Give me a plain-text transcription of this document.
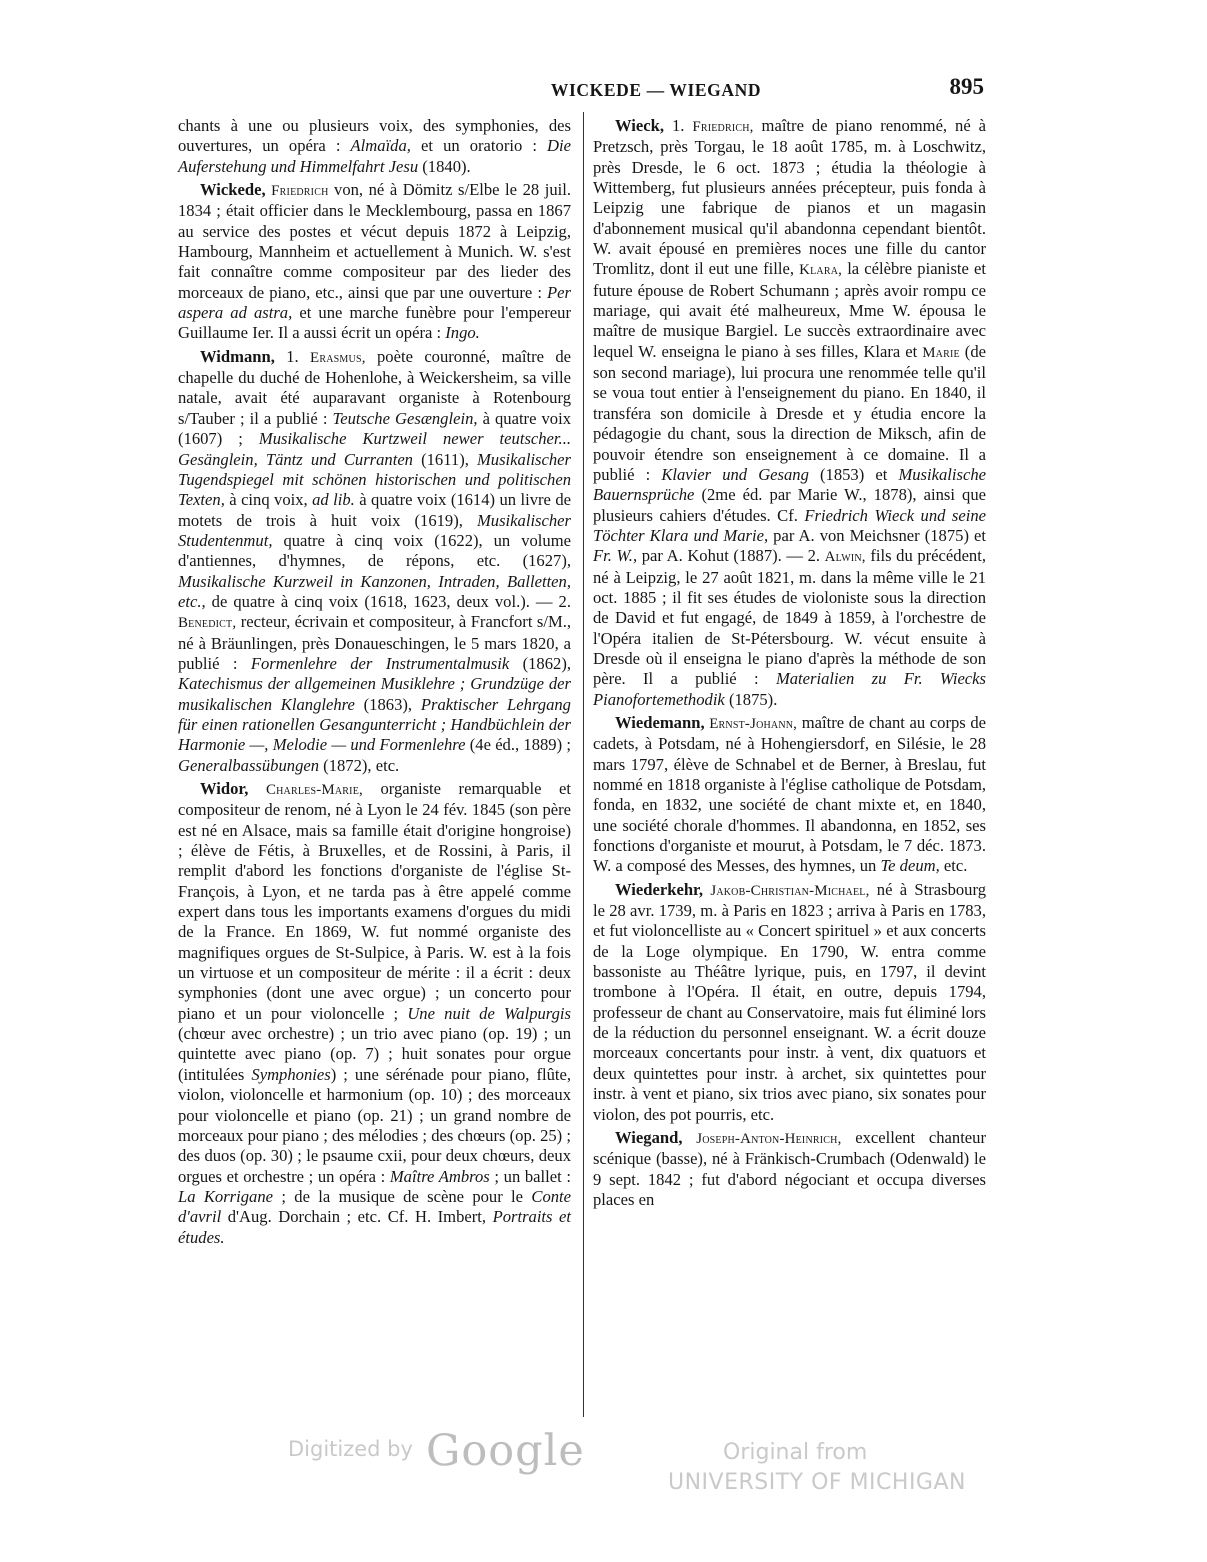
WICKEDE — WIEGAND	895

chants à une ou plusieurs voix, des symphonies, des ouvertures, un opéra : Almaïda, et un oratorio : Die Auferstehung und Himmelfahrt Jesu (1840).

Wickede, Friedrich von, né à Dömitz s/Elbe le 28 juil. 1834 ; était officier dans le Mecklembourg, passa en 1867 au service des postes et vécut depuis 1872 à Leipzig, Hambourg, Mannheim et actuellement à Munich. W. s'est fait connaître comme compositeur par des lieder des morceaux de piano, etc., ainsi que par une ouverture : Per aspera ad astra, et une marche funèbre pour l'empereur Guillaume Ier. Il a aussi écrit un opéra : Ingo.

Widmann, 1. Erasmus, poète couronné, maître de chapelle du duché de Hohenlohe, à Weickersheim, sa ville natale, avait été auparavant organiste à Rotenbourg s/Tauber ; il a publié : Teutsche Gesænglein, à quatre voix (1607) ; Musikalische Kurtzweil newer teutscher... Gesänglein, Täntz und Curranten (1611), Musikalischer Tugendspiegel mit schönen historischen und politischen Texten, à cinq voix, ad lib. à quatre voix (1614) un livre de motets de trois à huit voix (1619), Musikalischer Studentenmut, quatre à cinq voix (1622), un volume d'antiennes, d'hymnes, de répons, etc. (1627), Musikalische Kurzweil in Kanzonen, Intraden, Balletten, etc., de quatre à cinq voix (1618, 1623, deux vol.). — 2. Benedict, recteur, écrivain et compositeur, à Francfort s/M., né à Bräunlingen, près Donaueschingen, le 5 mars 1820, a publié : Formenlehre der Instrumentalmusik (1862), Katechismus der allgemeinen Musiklehre ; Grundzüge der musikalischen Klanglehre (1863), Praktischer Lehrgang für einen rationellen Gesangunterricht ; Handbüchlein der Harmonie —, Melodie — und Formenlehre (4e éd., 1889) ; Generalbassübungen (1872), etc.

Widor, Charles-Marie, organiste remarquable et compositeur de renom, né à Lyon le 24 fév. 1845 (son père est né en Alsace, mais sa famille était d'origine hongroise) ; élève de Fétis, à Bruxelles, et de Rossini, à Paris, il remplit d'abord les fonctions d'organiste de l'église St-François, à Lyon, et ne tarda pas à être appelé comme expert dans tous les importants examens d'orgues du midi de la France. En 1869, W. fut nommé organiste des magnifiques orgues de St-Sulpice, à Paris. W. est à la fois un virtuose et un compositeur de mérite : il a écrit : deux symphonies (dont une avec orgue) ; un concerto pour piano et un pour violoncelle ; Une nuit de Walpurgis (chœur avec orchestre) ; un trio avec piano (op. 19) ; un quintette avec piano (op. 7) ; huit sonates pour orgue (intitulées Symphonies) ; une sérénade pour piano, flûte, violon, violoncelle et harmonium (op. 10) ; des morceaux pour violoncelle et piano (op. 21) ; un grand nombre de morceaux pour piano ; des mélodies ; des chœurs (op. 25) ; des duos (op. 30) ; le psaume cxii, pour deux chœurs, deux orgues et orchestre ; un opéra : Maître Ambros ; un ballet : La Korrigane ; de la musique de scène pour le Conte d'avril d'Aug. Dorchain ; etc. Cf. H. Imbert, Portraits et études.

Wieck, 1. Friedrich, maître de piano renommé, né à Pretzsch, près Torgau, le 18 août 1785, m. à Loschwitz, près Dresde, le 6 oct. 1873 ; étudia la théologie à Wittemberg, fut plusieurs années précepteur, puis fonda à Leipzig une fabrique de pianos et un magasin d'abonnement musical qu'il abandonna cependant bientôt. W. avait épousé en premières noces une fille du cantor Tromlitz, dont il eut une fille, Klara, la célèbre pianiste et future épouse de Robert Schumann ; après avoir rompu ce mariage, qui avait été malheureux, Mme W. épousa le maître de musique Bargiel. Le succès extraordinaire avec lequel W. enseigna le piano à ses filles, Klara et Marie (de son second mariage), lui procura une renommée telle qu'il se voua tout entier à l'enseignement du piano. En 1840, il transféra son domicile à Dresde et y étudia encore la pédagogie du chant, sous la direction de Miksch, afin de pouvoir étendre son enseignement à ce domaine. Il a publié : Klavier und Gesang (1853) et Musikalische Bauernsprüche (2me éd. par Marie W., 1878), ainsi que plusieurs cahiers d'études. Cf. Friedrich Wieck und seine Töchter Klara und Marie, par A. von Meichsner (1875) et Fr. W., par A. Kohut (1887). — 2. Alwin, fils du précédent, né à Leipzig, le 27 août 1821, m. dans la même ville le 21 oct. 1885 ; il fit ses études de violoniste sous la direction de David et fut engagé, de 1849 à 1859, à l'orchestre de l'Opéra italien de St-Pétersbourg. W. vécut ensuite à Dresde où il enseigna le piano d'après la méthode de son père. Il a publié : Materialien zu Fr. Wiecks Pianofortemethodik (1875).

Wiedemann, Ernst-Johann, maître de chant au corps de cadets, à Potsdam, né à Hohengiersdorf, en Silésie, le 28 mars 1797, élève de Schnabel et de Berner, à Breslau, fut nommé en 1818 organiste à l'église catholique de Potsdam, fonda, en 1832, une société de chant mixte et, en 1840, une société chorale d'hommes. Il abandonna, en 1852, ses fonctions d'organiste et mourut, à Potsdam, le 7 déc. 1873. W. a composé des Messes, des hymnes, un Te deum, etc.

Wiederkehr, Jakob-Christian-Michael, né à Strasbourg le 28 avr. 1739, m. à Paris en 1823 ; arriva à Paris en 1783, et fut violoncelliste au « Concert spirituel » et aux concerts de la Loge olympique. En 1790, W. entra comme bassoniste au Théâtre lyrique, puis, en 1797, il devint trombone à l'Opéra. Il était, en outre, depuis 1794, professeur de chant au Conservatoire, mais fut éliminé lors de la réduction du personnel enseignant. W. a écrit douze morceaux concertants pour instr. à vent, dix quatuors et deux quintettes pour instr. à archet, six quintettes pour instr. à vent et piano, six trios avec piano, six sonates pour violon, des pot pourris, etc.

Wiegand, Joseph-Anton-Heinrich, excellent chanteur scénique (basse), né à Fränkisch-Crumbach (Odenwald) le 9 sept. 1842 ; fut d'abord négociant et occupa diverses places en

Digitized by Google	Original from
UNIVERSITY OF MICHIGAN
